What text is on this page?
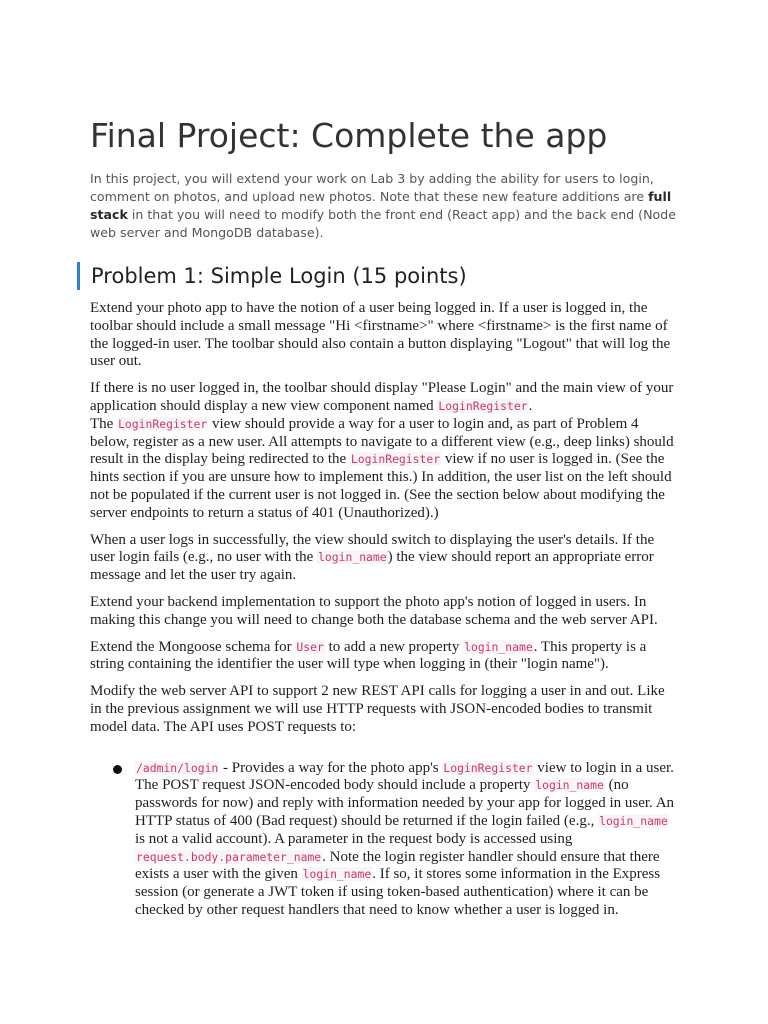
Final Project: Complete the app

In this project, you will extend your work on Lab 3 by adding the ability for users to login, comment on photos, and upload new photos. Note that these new feature additions are full stack in that you will need to modify both the front end (React app) and the back end (Node web server and MongoDB database).

Problem 1: Simple Login (15 points)

Extend your photo app to have the notion of a user being logged in. If a user is logged in, the toolbar should include a small message "Hi <firstname>" where <firstname> is the first name of the logged-in user. The toolbar should also contain a button displaying "Logout" that will log the user out.

If there is no user logged in, the toolbar should display "Please Login" and the main view of your application should display a new view component named LoginRegister.
The LoginRegister view should provide a way for a user to login and, as part of Problem 4 below, register as a new user. All attempts to navigate to a different view (e.g., deep links) should result in the display being redirected to the LoginRegister view if no user is logged in. (See the hints section if you are unsure how to implement this.) In addition, the user list on the left should not be populated if the current user is not logged in. (See the section below about modifying the server endpoints to return a status of 401 (Unauthorized).)

When a user logs in successfully, the view should switch to displaying the user's details. If the user login fails (e.g., no user with the login_name) the view should report an appropriate error message and let the user try again.

Extend your backend implementation to support the photo app's notion of logged in users. In making this change you will need to change both the database schema and the web server API.

Extend the Mongoose schema for User to add a new property login_name. This property is a string containing the identifier the user will type when logging in (their "login name").

Modify the web server API to support 2 new REST API calls for logging a user in and out. Like in the previous assignment we will use HTTP requests with JSON-encoded bodies to transmit model data. The API uses POST requests to:

/admin/login - Provides a way for the photo app's LoginRegister view to login in a user. The POST request JSON-encoded body should include a property login_name (no passwords for now) and reply with information needed by your app for logged in user. An HTTP status of 400 (Bad request) should be returned if the login failed (e.g., login_name is not a valid account). A parameter in the request body is accessed using request.body.parameter_name. Note the login register handler should ensure that there exists a user with the given login_name. If so, it stores some information in the Express session (or generate a JWT token if using token-based authentication) where it can be checked by other request handlers that need to know whether a user is logged in.
